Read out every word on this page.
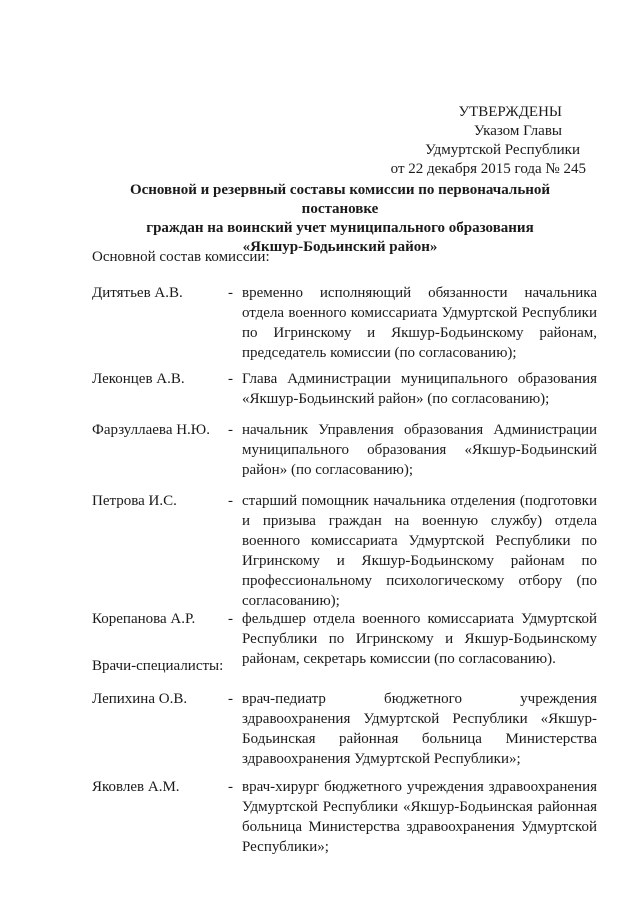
УТВЕРЖДЕНЫ
Указом Главы
Удмуртской Республики
от 22 декабря 2015 года № 245
Основной и резервный составы комиссии по первоначальной постановке
граждан на воинский учет муниципального образования
«Якшур-Бодьинский район»
Основной состав комиссии:
Дитятьев А.В.	- временно исполняющий обязанности начальника отдела военного комиссариата Удмуртской Республики по Игринскому и Якшур-Бодьинскому районам, председатель комиссии (по согласованию);
Леконцев А.В.	- Глава Администрации муниципального образования «Якшур-Бодьинский район» (по согласованию);
Фарзуллаева Н.Ю.	- начальник Управления образования Администрации муниципального образования «Якшур-Бодьинский район» (по согласованию);
Петрова И.С.	- старший помощник начальника отделения (подготовки и призыва граждан на военную службу) отдела военного комиссариата Удмуртской Республики по Игринскому и Якшур-Бодьинскому районам по профессиональному психологическому отбору (по согласованию);
Корепанова А.Р.	- фельдшер отдела военного комиссариата Удмуртской Республики по Игринскому и Якшур-Бодьинскому районам, секретарь комиссии (по согласованию).
Врачи-специалисты:
Лепихина О.В.	- врач-педиатр бюджетного учреждения здравоохранения Удмуртской Республики «Якшур-Бодьинская районная больница Министерства здравоохранения Удмуртской Республики»;
Яковлев А.М.	- врач-хирург бюджетного учреждения здравоохранения Удмуртской Республики «Якшур-Бодьинская районная больница Министерства здравоохранения Удмуртской Республики»;
